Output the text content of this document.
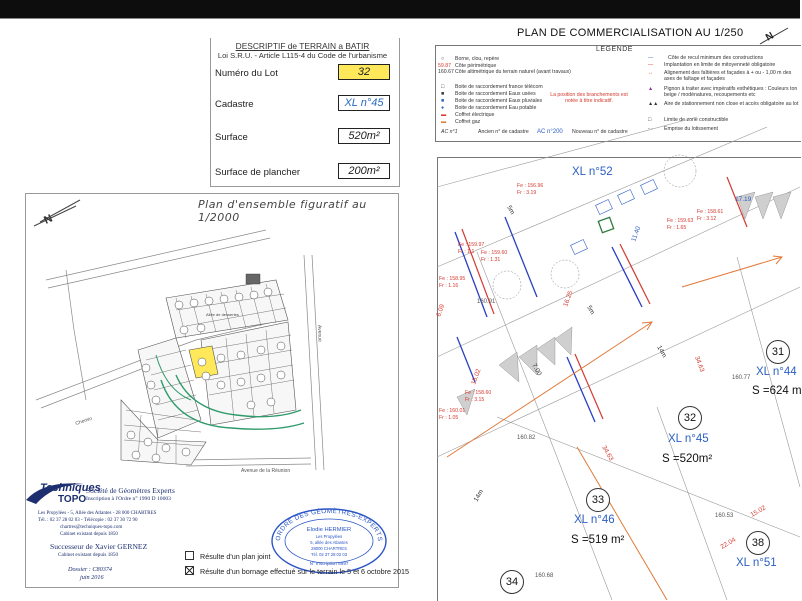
DESCRIPTIF de TERRAIN a BATIR
Loi S.R.U. - Article L115-4 du Code de l'urbanisme
Numéro du Lot	32
Cadastre	XL n°45
Surface	520m²
Surface de plancher	200m²
Plan d'ensemble figuratif au 1/2000
N
Avenue
Avenue de la Réunion
Chemin
Allée de dessertes
Techniques
TOPO
Société de Géomètres Experts
Inscription à l'Ordre n° 1990 D 10003
Les Propylées - 5, Allée des Atlantes - 28 000 CHARTRES
Tél. : 02 37 28 02 03 - Télécopie : 02 37 30 72 90
chartres@techniques-topo.com
Cabinet existant depuis 1850
Successeur de Xavier GERNEZ
Cabinet existant depuis 1850
Dossier : C80374
juin 2016
ORDRE DES GÉOMÈTRES-EXPERTS
Elodie HERMIER
Les Propylées
5, allée des Atlantes
28000 CHARTRES
Tél. 02 37 28 02 03
N° Inscription 6997
Résulte d'un plan joint
Résulte d'un bornage effectué sur le terrain le 5 et 6 octobre 2015
PLAN DE COMMERCIALISATION AU 1/250 N
LEGENDE
○ Borne, clou, repère
59.87 Côte périmétrique
160.67 Côte altimétrique du terrain naturel (avant travaux)
□ Boite de raccordement france télécom
■ Boite de raccordement Eaux usées
■ Boite de raccordement Eaux pluviales
● Boite de raccordement Eau potable
▬ Coffret électrique
▬ Coffret gaz
AC n°1	Ancien n° de cadastre AC n°200 Nouveau n° de cadastre
La position des branchements est notée à titre indicatif.
—	Côte de recul minimum des constructions
— Implantation en limite de mitoyenneté obligatoire
↔ Alignement des faîtières et façades à + ou - 1,00 m des axes de faîtage et façades
▲ Pignon à traiter avec impératifs esthétiques : Couleurs ton beige / modénatures, recoupements etc
▲▲ Aire de stationnement non close et accès obligatoire au lot
□ Limite de zone constructible
- - Emprise du lotissement
Fe : 159.97
Fr : 1.1
Fe : 158.95
Fr : 1.16
Fe : 159.60
Fr : 1.31
Fe : 156.96
Fr : 3.19
Fe : 159.63
Fr : 1.65
Fe : 158.61
Fr : 3.12
Fe : 158.60
Fr : 3.15
Fe : 160.01
Fr : 1.05
160.91
160.82
160.68
160.53
160.77
14m
14m
11.40
17.19
34.63
34.63
22.04
15.02
7.00
5m
5m
6.09
16.25
15.02
XL n°52
31
XL n°44
S =624 m
32
XL n°45
S =520m²
33
XL n°46
S =519 m²	38
XL n°51
34
